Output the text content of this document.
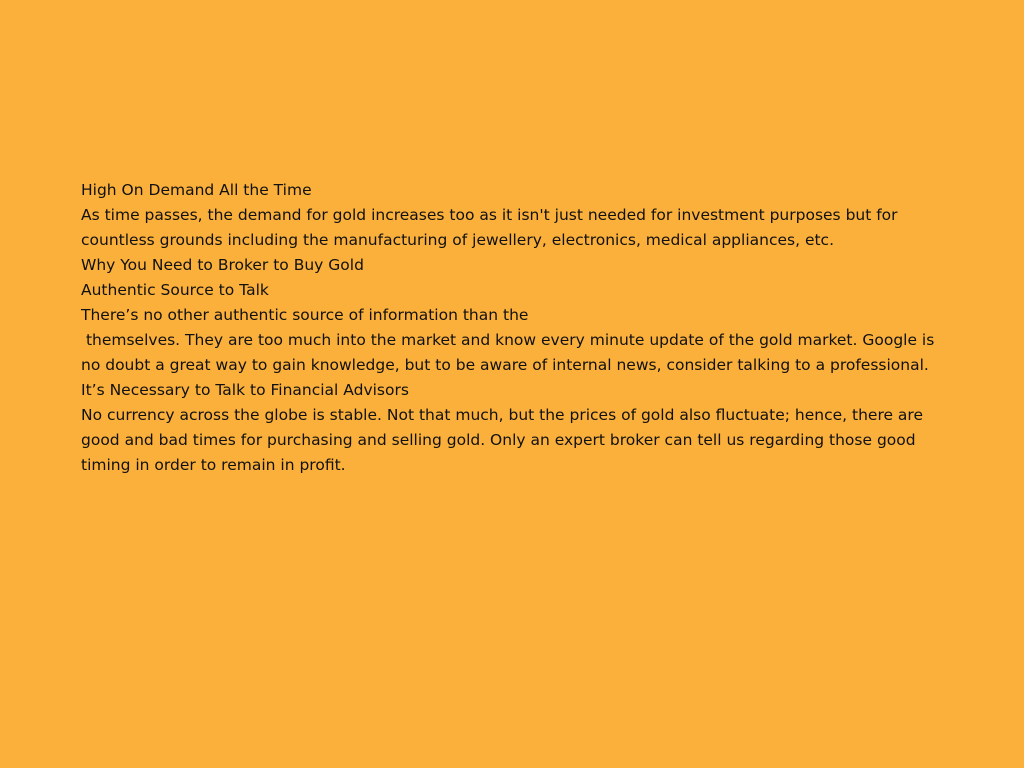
High On Demand All the Time

As time passes, the demand for gold increases too as it isn't just needed for investment purposes but for countless grounds including the manufacturing of jewellery, electronics, medical appliances, etc.

Why You Need to Broker to Buy Gold

Authentic Source to Talk

There’s no other authentic source of information than the

themselves. They are too much into the market and know every minute update of the gold market. Google is no doubt a great way to gain knowledge, but to be aware of internal news, consider talking to a professional.

It’s Necessary to Talk to Financial Advisors

No currency across the globe is stable. Not that much, but the prices of gold also fluctuate; hence, there are good and bad times for purchasing and selling gold. Only an expert broker can tell us regarding those good timing in order to remain in profit.
